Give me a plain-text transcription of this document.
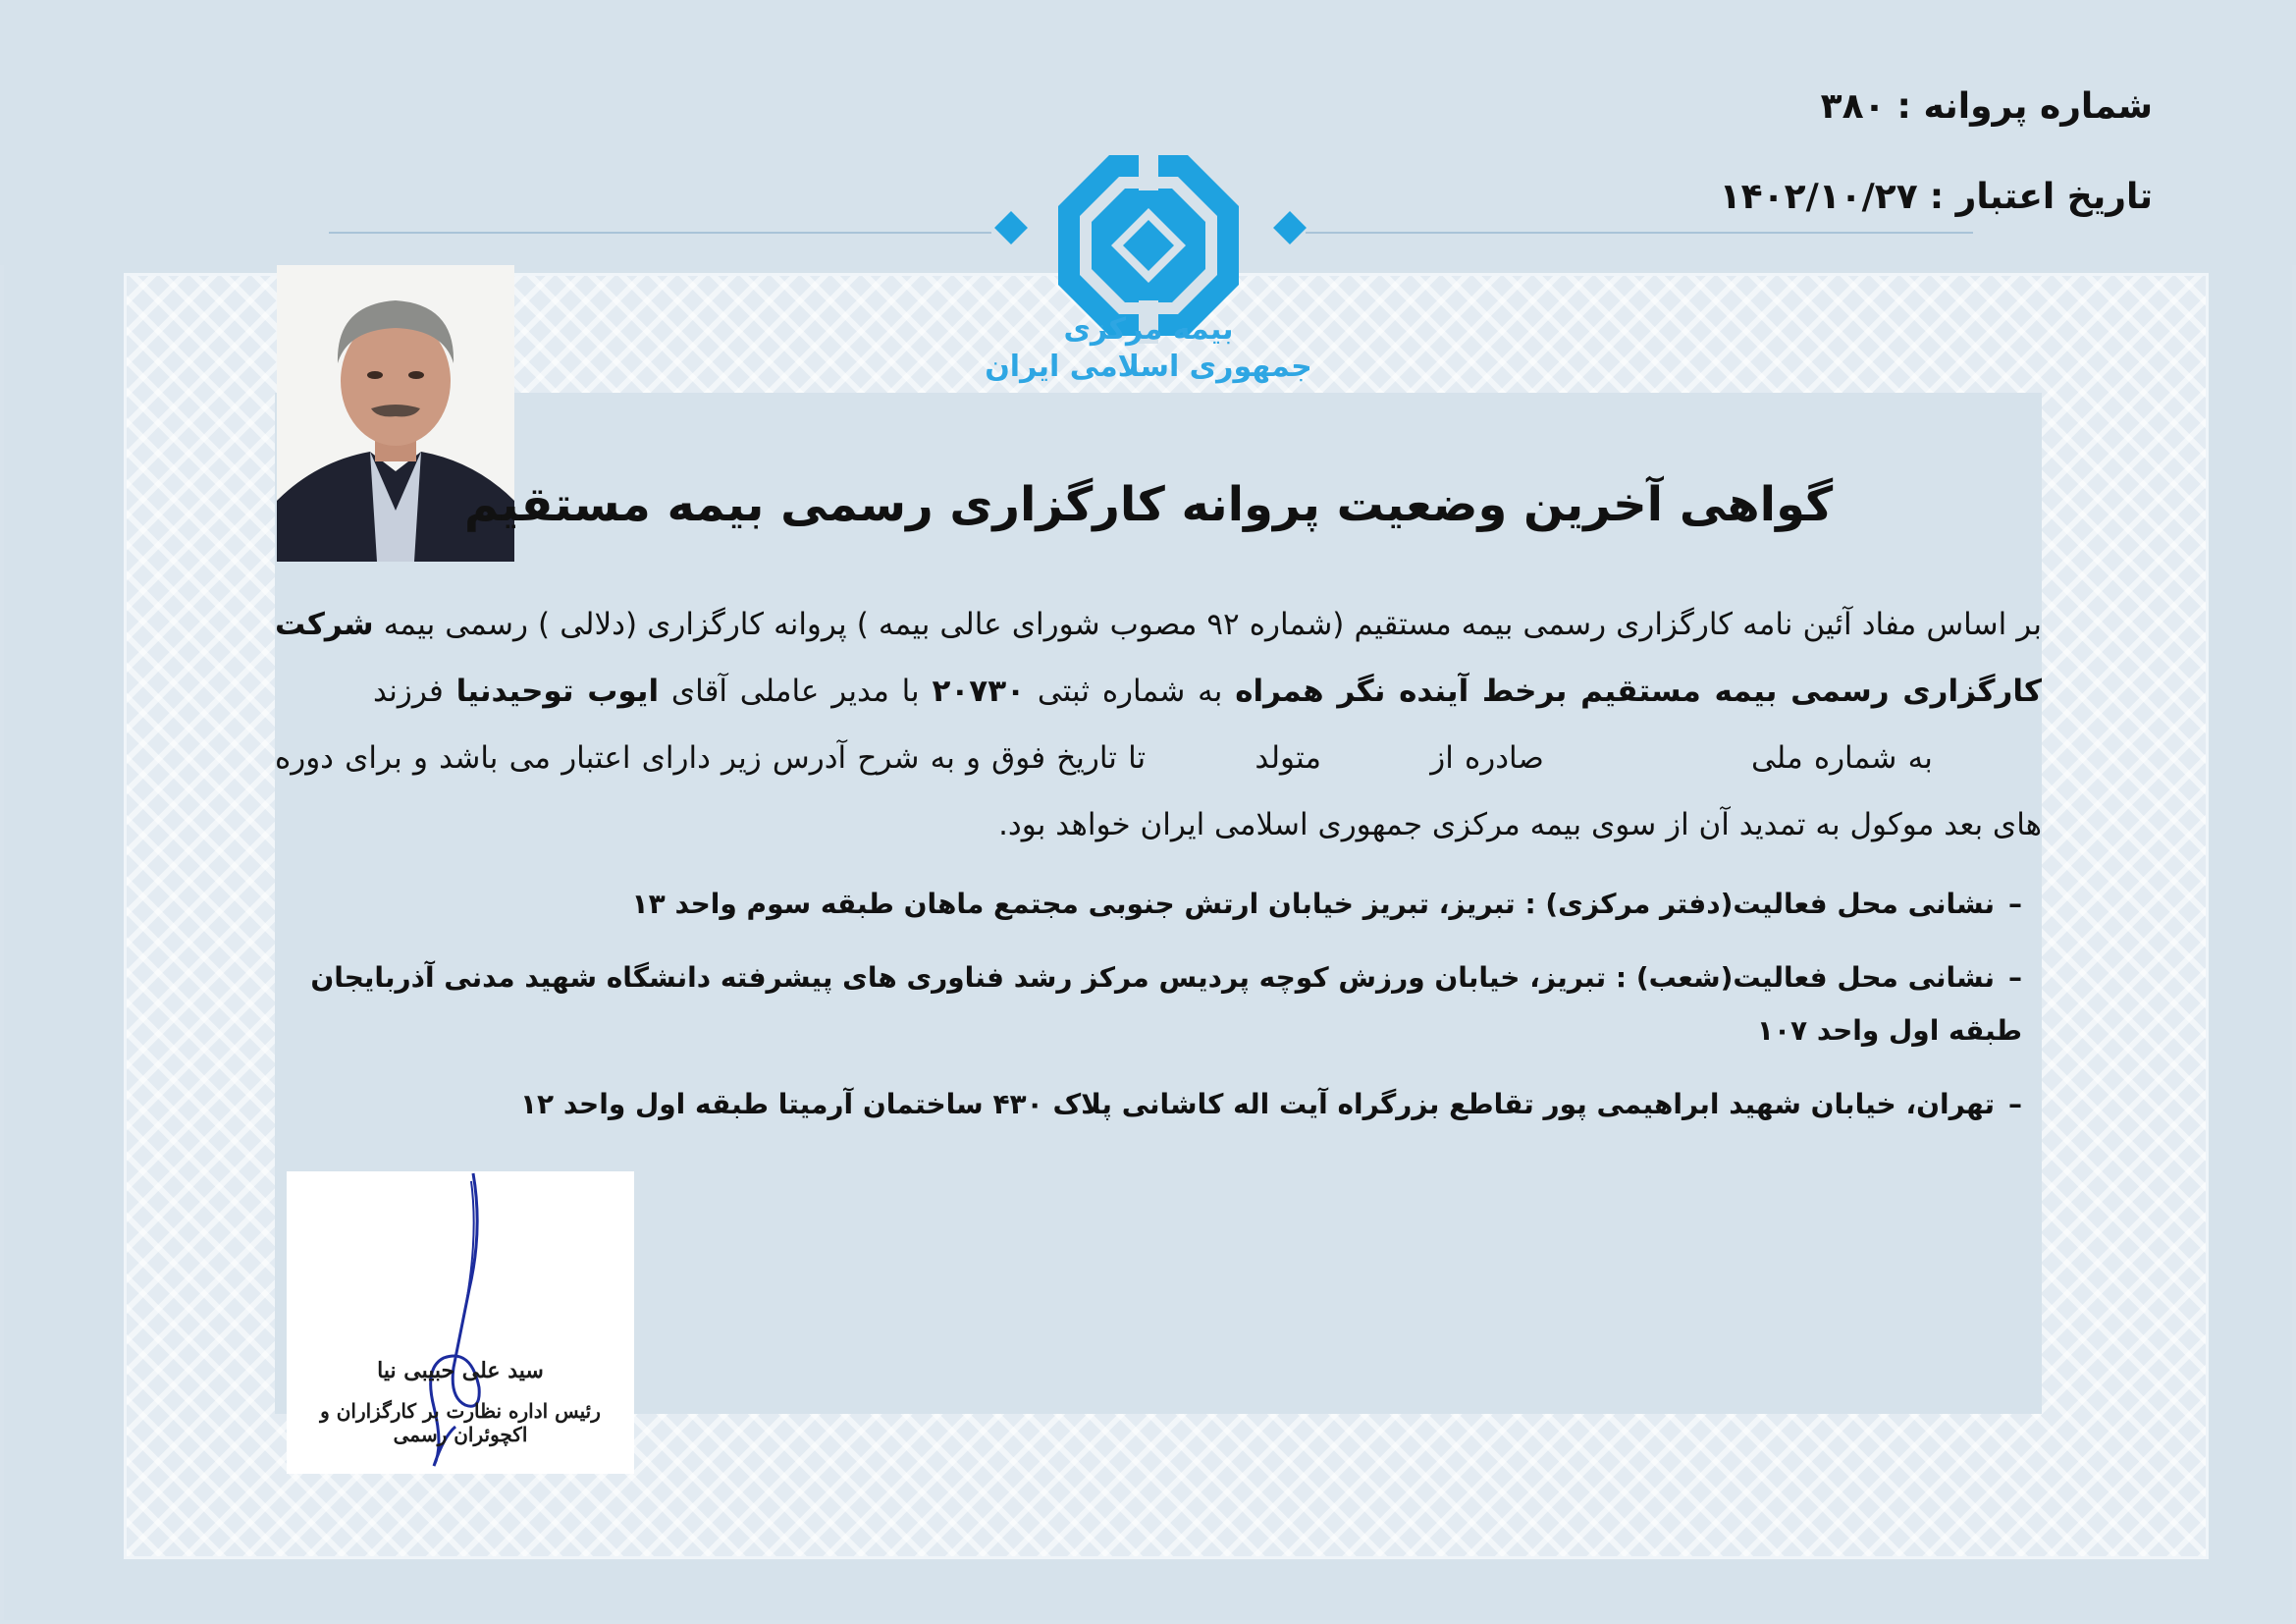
شماره پروانه :۳۸۰
تاریخ اعتبار :۱۴۰۲/۱۰/۲۷
بیمه مرکزی
جمهوری اسلامی ایران
گواهی آخرین وضعیت پروانه کارگزاری رسمی بیمه مستقیم
بر اساس مفاد آئین نامه کارگزاری رسمی بیمه مستقیم (شماره ۹۲ مصوب شورای عالی بیمه ) پروانه کارگزاری (دلالی ) رسمی بیمه شرکت کارگزاری رسمی بیمه مستقیم برخط آینده نگر همراه به شماره ثبتی ۲۰۷۳۰ با مدیر عاملی آقای ایوب توحیدنیا فرزند به شماره ملی صادره از متولد تا تاریخ فوق و به شرح آدرس زیر دارای اعتبار می باشد و برای دوره های بعد موکول به تمدید آن از سوی بیمه مرکزی جمهوری اسلامی ایران خواهد بود.
–نشانی محل فعالیت(دفتر مرکزی) : تبریز، تبریز خیابان ارتش جنوبی مجتمع ماهان طبقه سوم واحد ۱۳
–نشانی محل فعالیت(شعب) : تبریز، خیابان ورزش کوچه پردیس مرکز رشد فناوری های پیشرفته دانشگاه شهید مدنی آذربایجان طبقه اول واحد ۱۰۷
–تهران، خیابان شهید ابراهیمی پور تقاطع بزرگراه آیت اله کاشانی پلاک ۴۳۰ ساختمان آرمیتا طبقه اول واحد ۱۲
سید علی حبیبی نیا
رئیس اداره نظارت بر کارگزاران و اکچوئران رسمی
